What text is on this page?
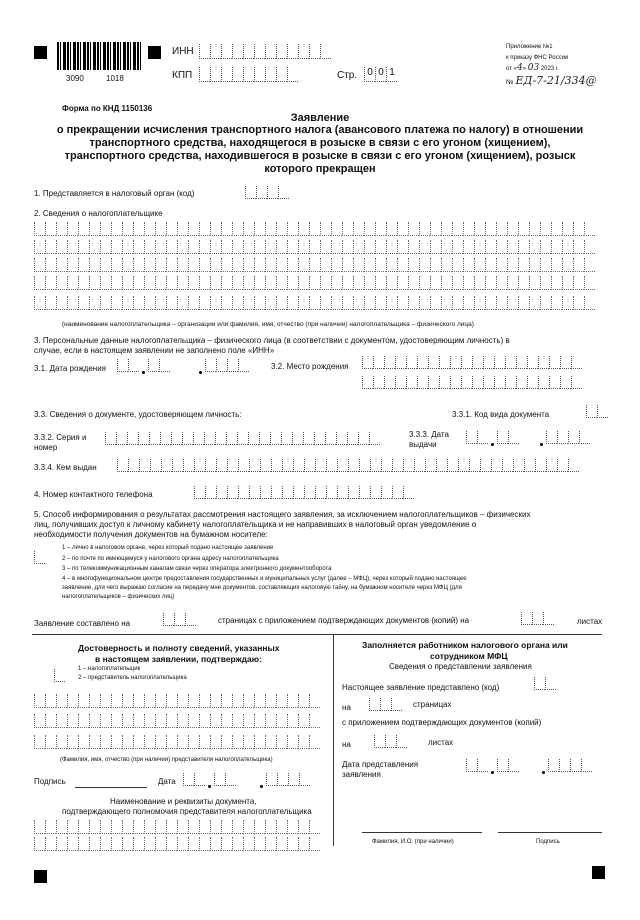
3090	1018
ИНН
КПП	Стр.	0 0 1
Приложение №1
к приказу ФНС России
от «4» 03 2023 г.
№ ЕД-7-21/334@
Форма по КНД 1150136
Заявление
о прекращении исчисления транспортного налога (авансового платежа по налогу) в отношении
транспортного средства, находящегося в розыске в связи с его угоном (хищением),
транспортного средства, находившегося в розыске в связи с его угоном (хищением), розыск
которого прекращен
1. Представляется в налоговый орган (код)
2. Сведения о налогоплательщике
(наименование налогоплательщика – организации или фамилия, имя, отчество (при наличии) налогоплательщика – физического лица)
3. Персональные данные налогоплательщика – физического лица (в соответствии с документом, удостоверяющим личность) в
случае, если в настоящем заявлении не заполнено поле «ИНН»
3.1. Дата рождения	3.2. Место рождения
3.3. Сведения о документе, удостоверяющем личность:	3.3.1. Код вида документа
3.3.2. Серия и
номер
3.3.3. Дата
выдачи
3.3.4. Кем выдан
4. Номер контактного телефона
5. Способ информирования о результатах рассмотрения настоящего заявления, за исключением налогоплательщиков – физических
лиц, получивших доступ к личному кабинету налогоплательщика и не направивших в налоговый орган уведомление о
необходимости получения документов на бумажном носителе:
1 – лично в налоговом органе, через который подано настоящее заявление
2 – по почте по имеющемуся у налогового органа адресу налогоплательщика
3 – по телекоммуникационным каналам связи через оператора электронного документооборота
4 – в многофункциональном центре предоставления государственных и муниципальных услуг (далее – МФЦ), через который подано настоящее
заявление, для чего выражаю согласие на передачу мне документов, составляющих налоговую тайну, на бумажном носителе через МФЦ (для
налогоплательщиков – физических лиц)
Заявление составлено на	страницах с приложением подтверждающих документов (копий) на	листах
Достоверность и полноту сведений, указанных
в настоящем заявлении, подтверждаю:
1 – налогоплательщик
2 – представитель налогоплательщика
(Фамилия, имя, отчество (при наличии) представителя налогоплательщика)
Подпись	Дата
Наименование и реквизиты документа,
подтверждающего полномочия представителя налогоплательщика
Заполняется работником налогового органа или
сотрудником МФЦ
Сведения о представлении заявления
Настоящее заявление представлено (код)
на	страницах
с приложением подтверждающих документов (копий)
на	листах
Дата представления
заявления
Фамилия, И.О. (при наличии)	Подпись
